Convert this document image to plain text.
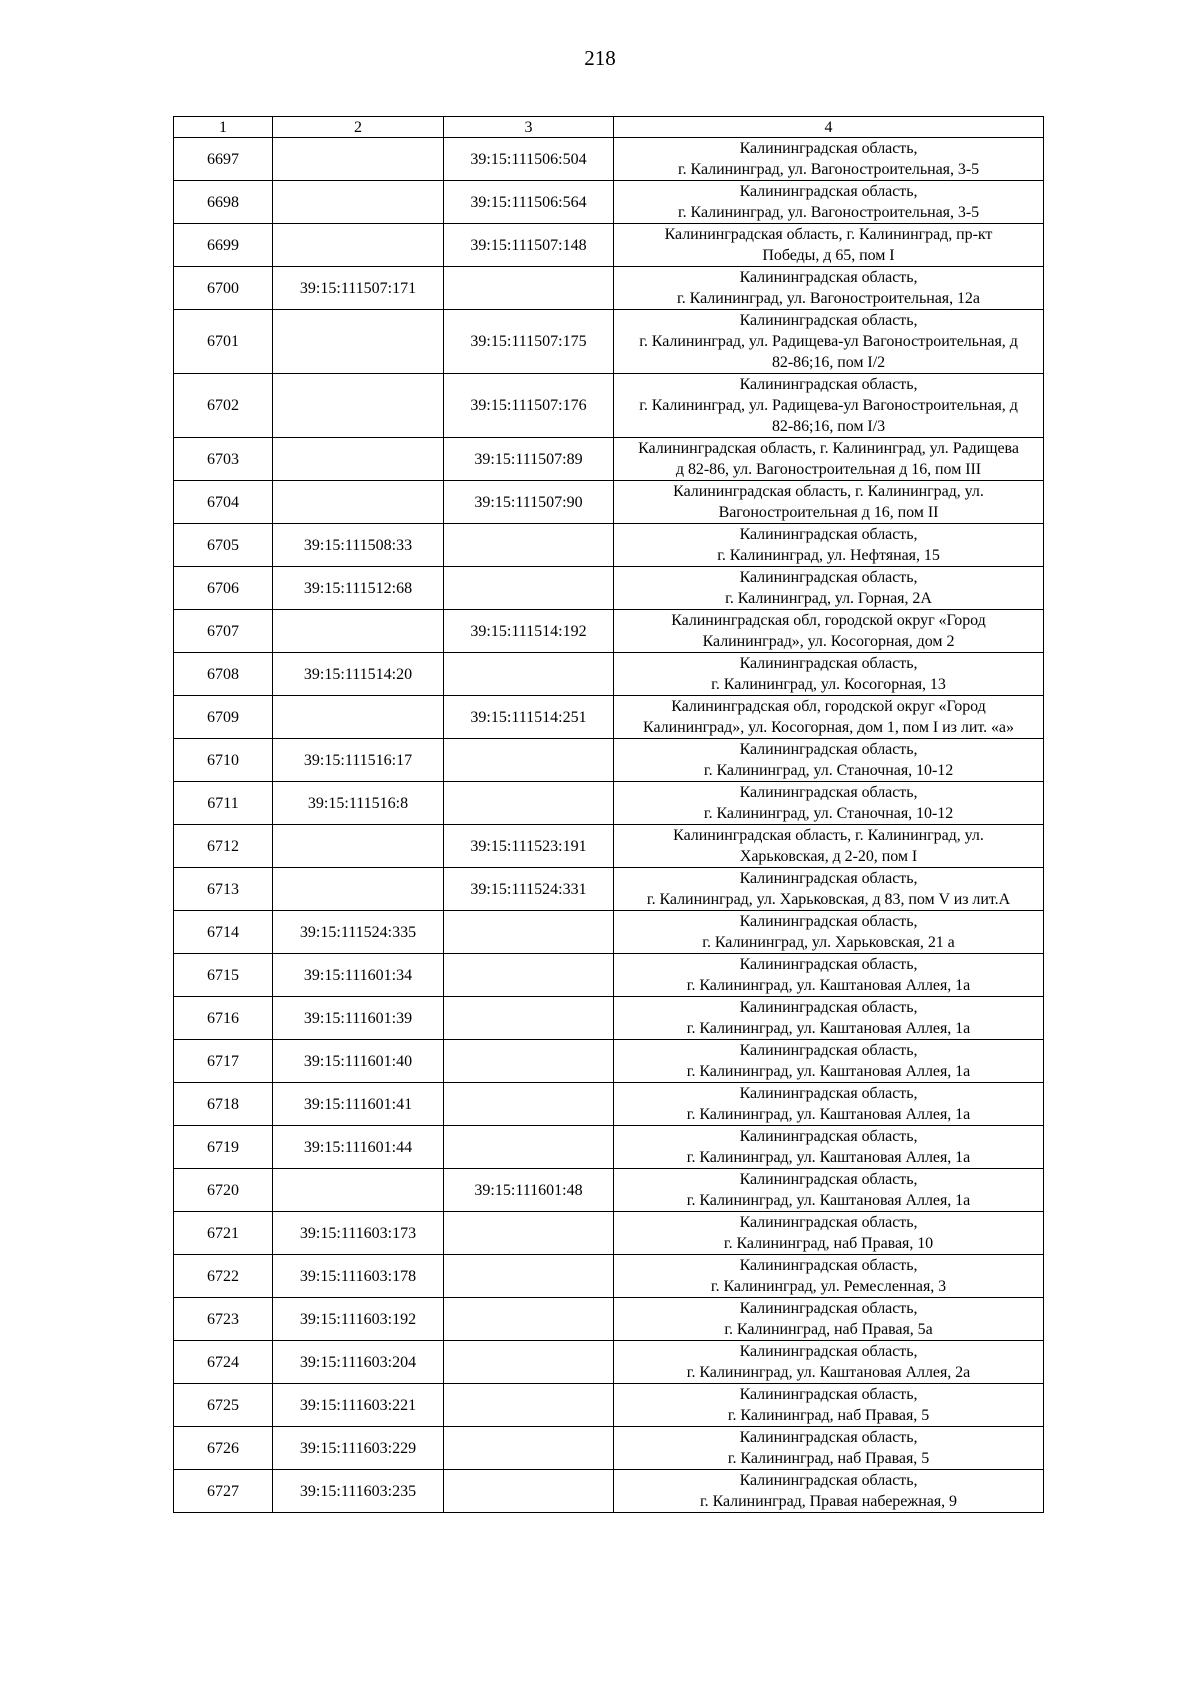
218
1	2	3	4
6697		39:15:111506:504	Калининградская область,
г. Калининград, ул. Вагоностроительная, 3-5
6698		39:15:111506:564	Калининградская область,
г. Калининград, ул. Вагоностроительная, 3-5
6699		39:15:111507:148	Калининградская область, г. Калининград, пр-кт
Победы, д 65, пом I
6700	39:15:111507:171		Калининградская область,
г. Калининград, ул. Вагоностроительная, 12а
6701		39:15:111507:175	Калининградская область,
г. Калининград, ул. Радищева-ул Вагоностроительная, д
82-86;16, пом I/2
6702		39:15:111507:176	Калининградская область,
г. Калининград, ул. Радищева-ул Вагоностроительная, д
82-86;16, пом I/3
6703		39:15:111507:89	Калининградская область, г. Калининград, ул. Радищева
д 82-86, ул. Вагоностроительная д 16, пом III
6704		39:15:111507:90	Калининградская область, г. Калининград, ул.
Вагоностроительная д 16, пом II
6705	39:15:111508:33		Калининградская область,
г. Калининград, ул. Нефтяная, 15
6706	39:15:111512:68		Калининградская область,
г. Калининград, ул. Горная, 2А
6707		39:15:111514:192	Калининградская обл, городской округ «Город
Калининград», ул. Косогорная, дом 2
6708	39:15:111514:20		Калининградская область,
г. Калининград, ул. Косогорная, 13
6709		39:15:111514:251	Калининградская обл, городской округ «Город
Калининград», ул. Косогорная, дом 1, пом I из лит. «а»
6710	39:15:111516:17		Калининградская область,
г. Калининград, ул. Станочная, 10-12
6711	39:15:111516:8		Калининградская область,
г. Калининград, ул. Станочная, 10-12
6712		39:15:111523:191	Калининградская область, г. Калининград, ул.
Харьковская, д 2-20, пом I
6713		39:15:111524:331	Калининградская область,
г. Калининград, ул. Харьковская, д 83, пом V из лит.А
6714	39:15:111524:335		Калининградская область,
г. Калининград, ул. Харьковская, 21 а
6715	39:15:111601:34		Калининградская область,
г. Калининград, ул. Каштановая Аллея, 1а
6716	39:15:111601:39		Калининградская область,
г. Калининград, ул. Каштановая Аллея, 1а
6717	39:15:111601:40		Калининградская область,
г. Калининград, ул. Каштановая Аллея, 1а
6718	39:15:111601:41		Калининградская область,
г. Калининград, ул. Каштановая Аллея, 1а
6719	39:15:111601:44		Калининградская область,
г. Калининград, ул. Каштановая Аллея, 1а
6720		39:15:111601:48	Калининградская область,
г. Калининград, ул. Каштановая Аллея, 1а
6721	39:15:111603:173		Калининградская область,
г. Калининград, наб Правая, 10
6722	39:15:111603:178		Калининградская область,
г. Калининград, ул. Ремесленная, 3
6723	39:15:111603:192		Калининградская область,
г. Калининград, наб Правая, 5а
6724	39:15:111603:204		Калининградская область,
г. Калининград, ул. Каштановая Аллея, 2а
6725	39:15:111603:221		Калининградская область,
г. Калининград, наб Правая, 5
6726	39:15:111603:229		Калининградская область,
г. Калининград, наб Правая, 5
6727	39:15:111603:235		Калининградская область,
г. Калининград, Правая набережная, 9
